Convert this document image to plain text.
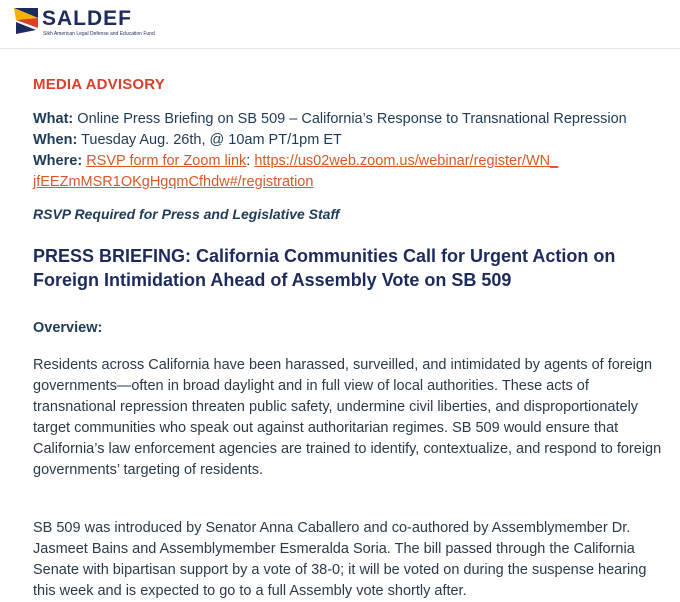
SALDEF
Sikh American Legal Defense and Education Fund
MEDIA ADVISORY
What: Online Press Briefing on SB 509 – California’s Response to Transnational Repression
When: Tuesday Aug. 26th, @ 10am PT/1pm ET
Where: RSVP form for Zoom link: https://us02web.zoom.us/webinar/register/WN_
jfEEZmMSR1OKgHgqmCfhdw#/registration
RSVP Required for Press and Legislative Staff
PRESS BRIEFING: California Communities Call for Urgent Action on Foreign Intimidation Ahead of Assembly Vote on SB 509
Overview:
Residents across California have been harassed, surveilled, and intimidated by agents of foreign governments—often in broad daylight and in full view of local authorities. These acts of transnational repression threaten public safety, undermine civil liberties, and disproportionately target communities who speak out against authoritarian regimes. SB 509 would ensure that California’s law enforcement agencies are trained to identify, contextualize, and respond to foreign governments’ targeting of residents.
SB 509 was introduced by Senator Anna Caballero and co-authored by Assemblymember Dr. Jasmeet Bains and Assemblymember Esmeralda Soria. The bill passed through the California Senate with bipartisan support by a vote of 38-0; it will be voted on during the suspense hearing this week and is expected to go to a full Assembly vote shortly after.
